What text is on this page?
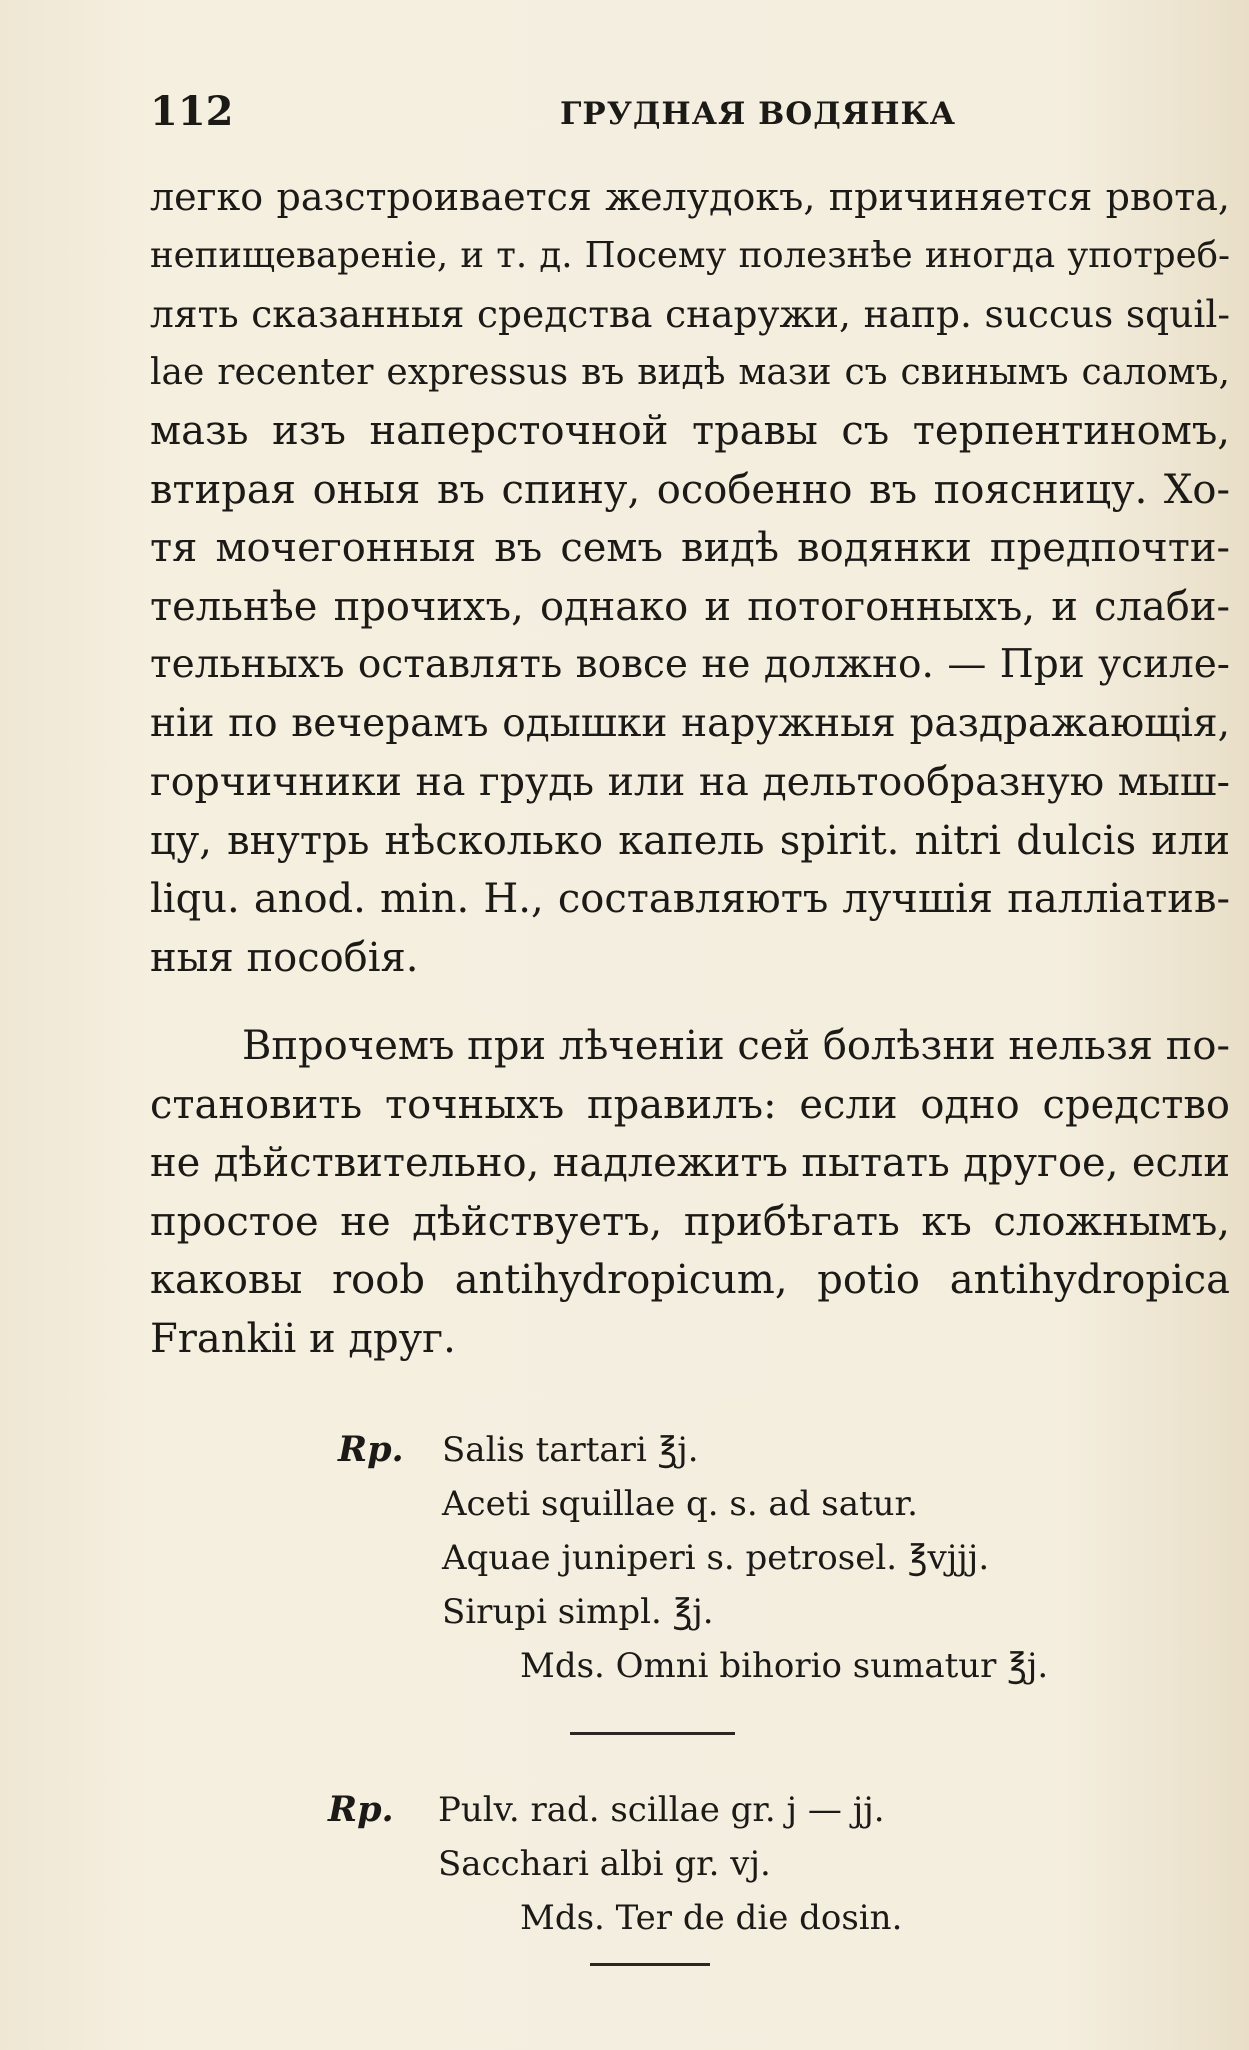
112	ГРУДНАЯ ВОДЯНКА
легко разстроивается желудокъ, причиняется рвота,
непищевареніе, и т. д. Посему полезнѣе иногда употреб-
лять сказанныя средства снаружи, напр. succus squil-
lae recenter expressus въ видѣ мази съ свинымъ саломъ,
мазь изъ наперсточной травы съ терпентиномъ,
втирая оныя въ спину, особенно въ поясницу. Хо-
тя мочегонныя въ семъ видѣ водянки предпочти-
тельнѣе прочихъ, однако и потогонныхъ, и слаби-
тельныхъ оставлять вовсе не должно. — При усиле-
ніи по вечерамъ одышки наружныя раздражающія,
горчичники на грудь или на дельтообразную мыш-
цу, внутрь нѣсколько капель spirit. nitri dulcis или
liqu. anod. min. H., составляютъ лучшія палліатив-
ныя пособія.
Впрочемъ при лѣченіи сей болѣзни нельзя по-
становить точныхъ правилъ: если одно средство
не дѣйствительно, надлежитъ пытать другое, если
простое не дѣйствуетъ, прибѣгать къ сложнымъ,
каковы roob antihydropicum, potio antihydropica
Frankii и друг.
Rp. Salis tartari ℥j.
Aceti squillae q. s. ad satur.
Aquae juniperi s. petrosel. ℥vjjj.
Sirupi simpl. ℥j.
Mds. Omni bihorio sumatur ℥j.
Rp. Pulv. rad. scillae gr. j — jj.
Sacchari albi gr. vj.
Mds. Ter de die dosin.
